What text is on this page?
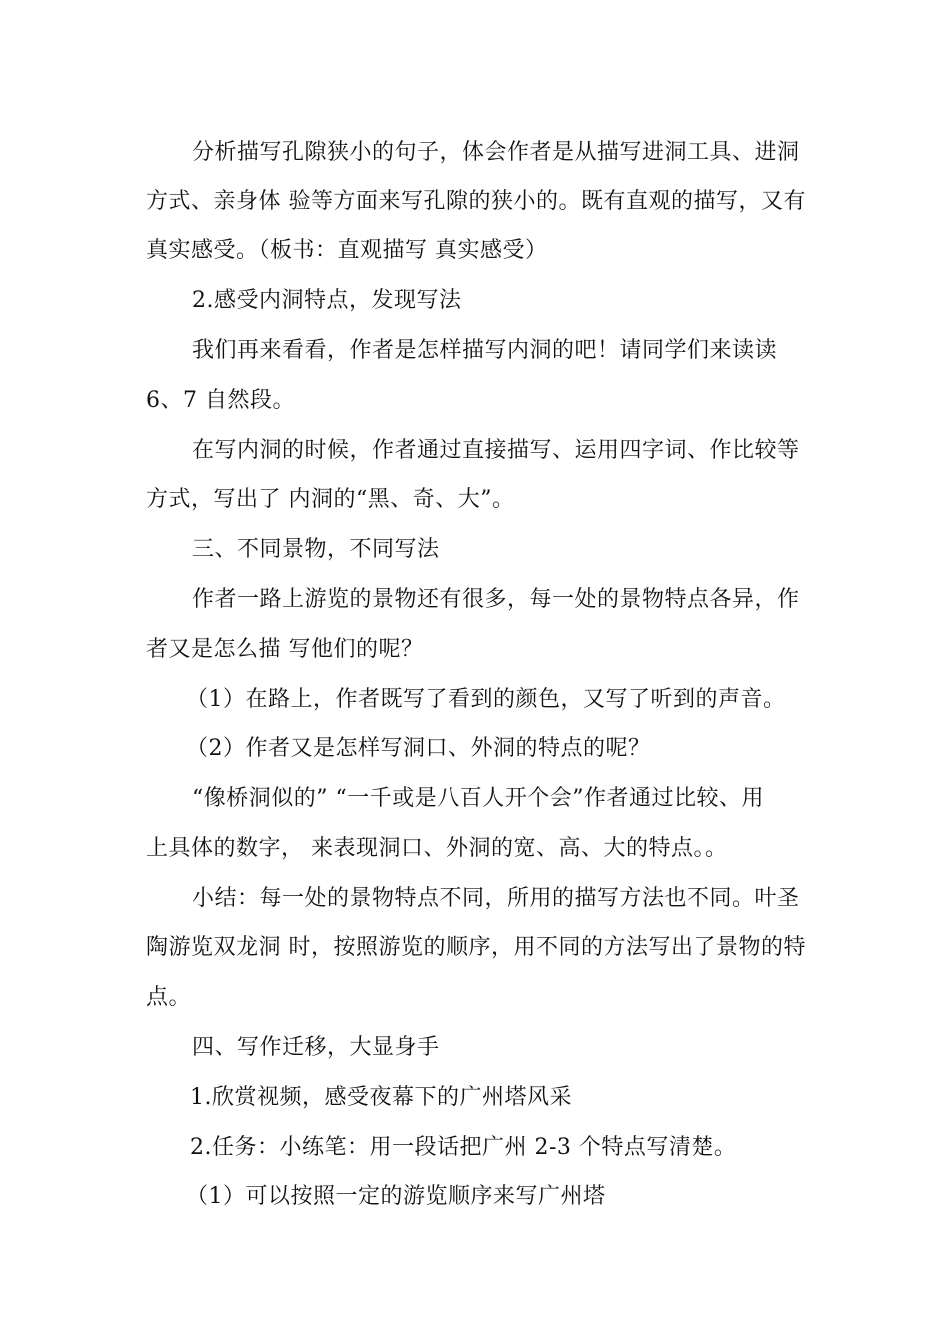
分析描写孔隙狭小的句子，体会作者是从描写进洞工具、进洞
方式、亲身体 验等方面来写孔隙的狭小的。既有直观的描写，又有
真实感受。（板书：直观描写 真实感受）
2.感受内洞特点，发现写法
我们再来看看，作者是怎样描写内洞的吧！请同学们来读读
6、7 自然段。
在写内洞的时候，作者通过直接描写、运用四字词、作比较等
方式，写出了 内洞的“黑、奇、大”。
三、不同景物，不同写法
作者一路上游览的景物还有很多，每一处的景物特点各异，作
者又是怎么描 写他们的呢？
（1）在路上，作者既写了看到的颜色，又写了听到的声音。
（2）作者又是怎样写洞口、外洞的特点的呢？
“像桥洞似的” “一千或是八百人开个会”作者通过比较、用
上具体的数字， 来表现洞口、外洞的宽、高、大的特点。。
小结：每一处的景物特点不同，所用的描写方法也不同。叶圣
陶游览双龙洞 时，按照游览的顺序，用不同的方法写出了景物的特
点。
四、写作迁移，大显身手
1.欣赏视频，感受夜幕下的广州塔风采
2.任务：小练笔：用一段话把广州 2-3 个特点写清楚。
（1）可以按照一定的游览顺序来写广州塔
